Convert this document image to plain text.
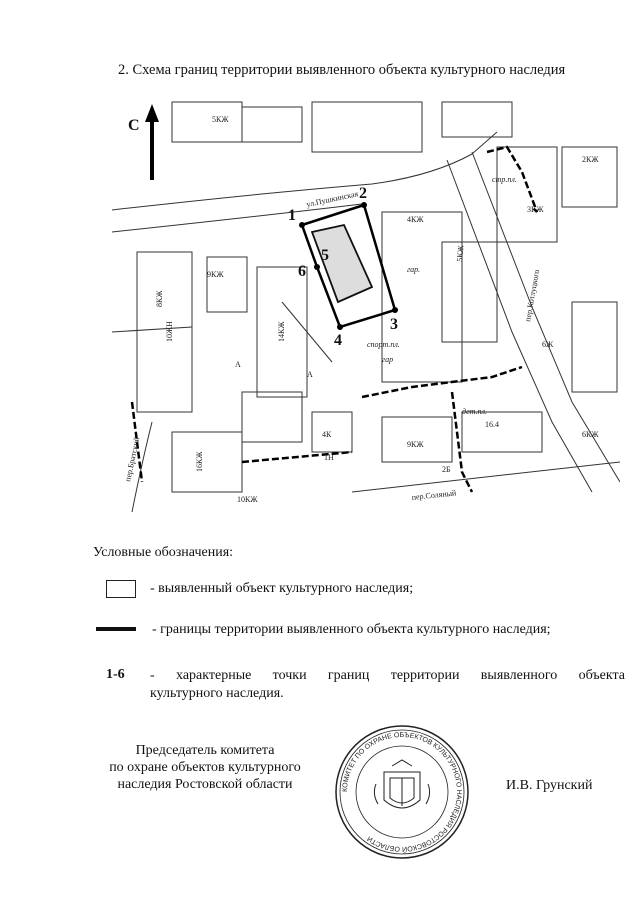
2. Схема границ территории выявленного объекта культурного наследия
С
ул.Пушкинская
пер.Котлуцкого
пер.Братский
пер.Соляный
5КЖ
4КЖ
2КЖ
5КЖ
3КЖ
6КЖ
9КЖ
8КЖ
10КЖ
14КЖ
16КЖ
9КЖ
4К
10ЖН
гар.
спорт.пл.
гар
дет.пл.
стр.пл.
16.4
2Б
1Н
6Ж
А
А
1
2
3
4
5
6
Условные обозначения:
- выявленный объект культурного наследия;
- границы территории выявленного объекта культурного наследия;
1-6 - характерные точки границ территории выявленного объекта
культурного наследия.
Председатель комитета
по охране объектов культурного
наследия Ростовской области	КОМИТЕТ ПО ОХРАНЕ ОБЪЕКТОВ КУЛЬТУРНОГО НАСЛЕДИЯ РОСТОВСКОЙ ОБЛАСТИ
И.В. Грунский
